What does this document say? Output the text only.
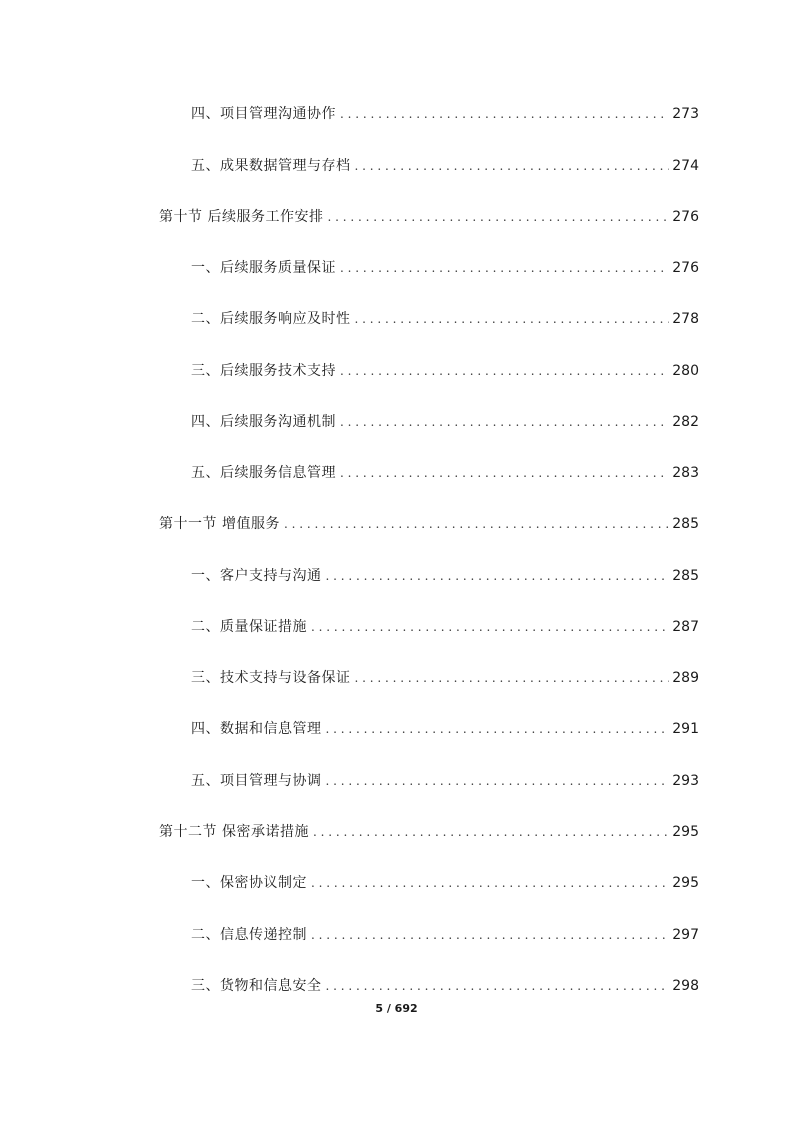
四、项目管理沟通协作 . . .	273
五、成果数据管理与存档 . . .	274
第十节 后续服务工作安排 . . .	276
一、后续服务质量保证 . . .	276
二、后续服务响应及时性 . . .	278
三、后续服务技术支持 . . .	280
四、后续服务沟通机制 . . .	282
五、后续服务信息管理 . . .	283
第十一节 增值服务 . . .	285
一、客户支持与沟通 . . .	285
二、质量保证措施 . . .	287
三、技术支持与设备保证 . . .	289
四、数据和信息管理 . . .	291
五、项目管理与协调 . . .	293
第十二节 保密承诺措施 . . .	295
一、保密协议制定 . . .	295
二、信息传递控制 . . .	297
三、货物和信息安全 . . .	298
5 / 692
